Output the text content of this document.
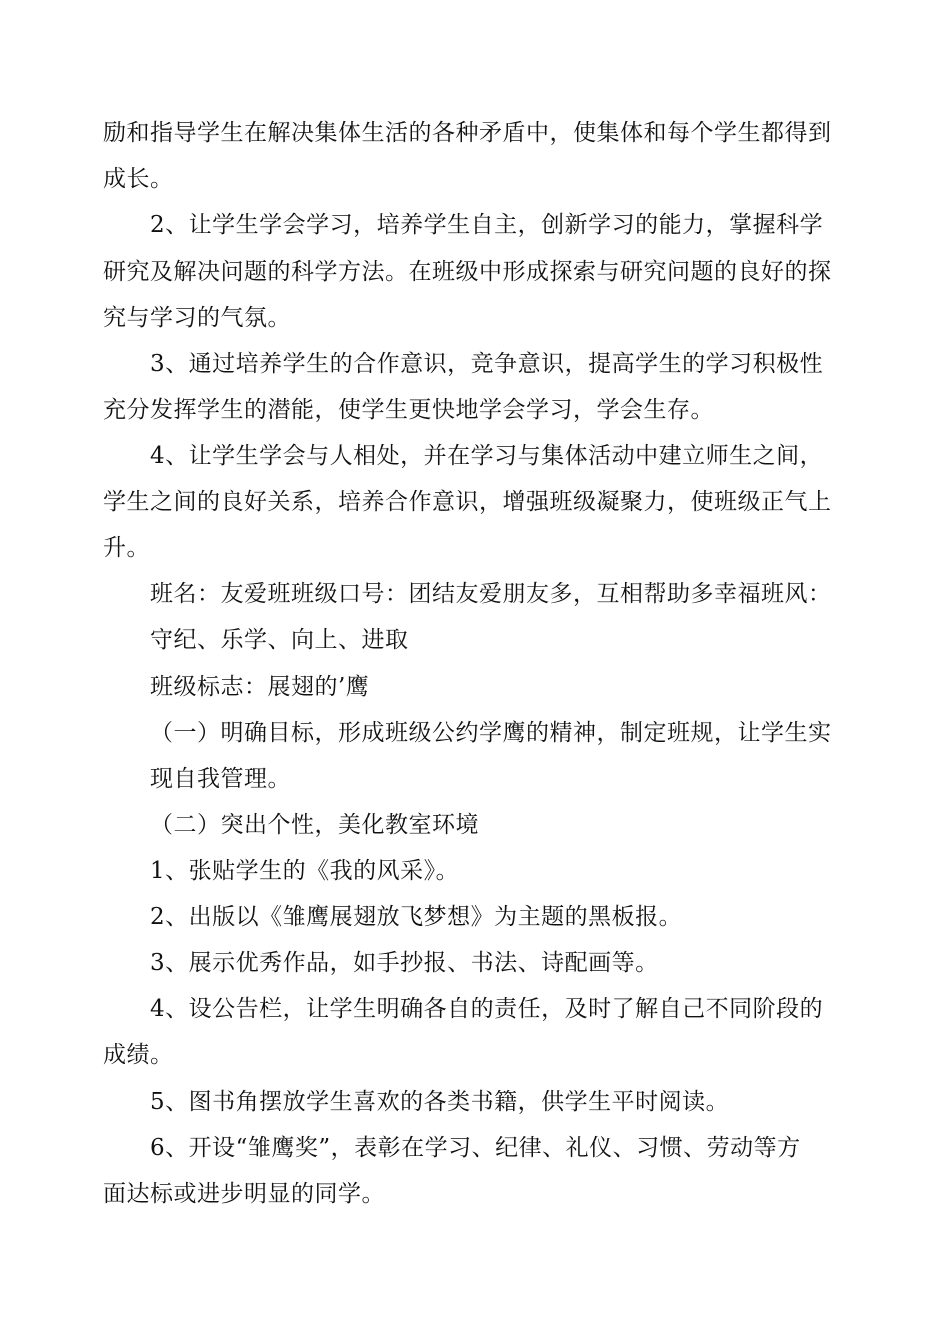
励和指导学生在解决集体生活的各种矛盾中，使集体和每个学生都得到
成长。
2、让学生学会学习，培养学生自主，创新学习的能力，掌握科学
研究及解决问题的科学方法。在班级中形成探索与研究问题的良好的探
究与学习的气氛。
3、通过培养学生的合作意识，竞争意识，提高学生的学习积极性
充分发挥学生的潜能，使学生更快地学会学习，学会生存。
4、让学生学会与人相处，并在学习与集体活动中建立师生之间，
学生之间的良好关系，培养合作意识，增强班级凝聚力，使班级正气上
升。
班名：友爱班班级口号：团结友爱朋友多，互相帮助多幸福班风：
守纪、乐学、向上、进取
班级标志：展翅的’鹰
（一）明确目标，形成班级公约学鹰的精神，制定班规，让学生实
现自我管理。
（二）突出个性，美化教室环境
1、张贴学生的《我的风采》。
2、出版以《雏鹰展翅放飞梦想》为主题的黑板报。
3、展示优秀作品，如手抄报、书法、诗配画等。
4、设公告栏，让学生明确各自的责任，及时了解自己不同阶段的
成绩。
5、图书角摆放学生喜欢的各类书籍，供学生平时阅读。
6、开设“雏鹰奖”，表彰在学习、纪律、礼仪、习惯、劳动等方
面达标或进步明显的同学。
